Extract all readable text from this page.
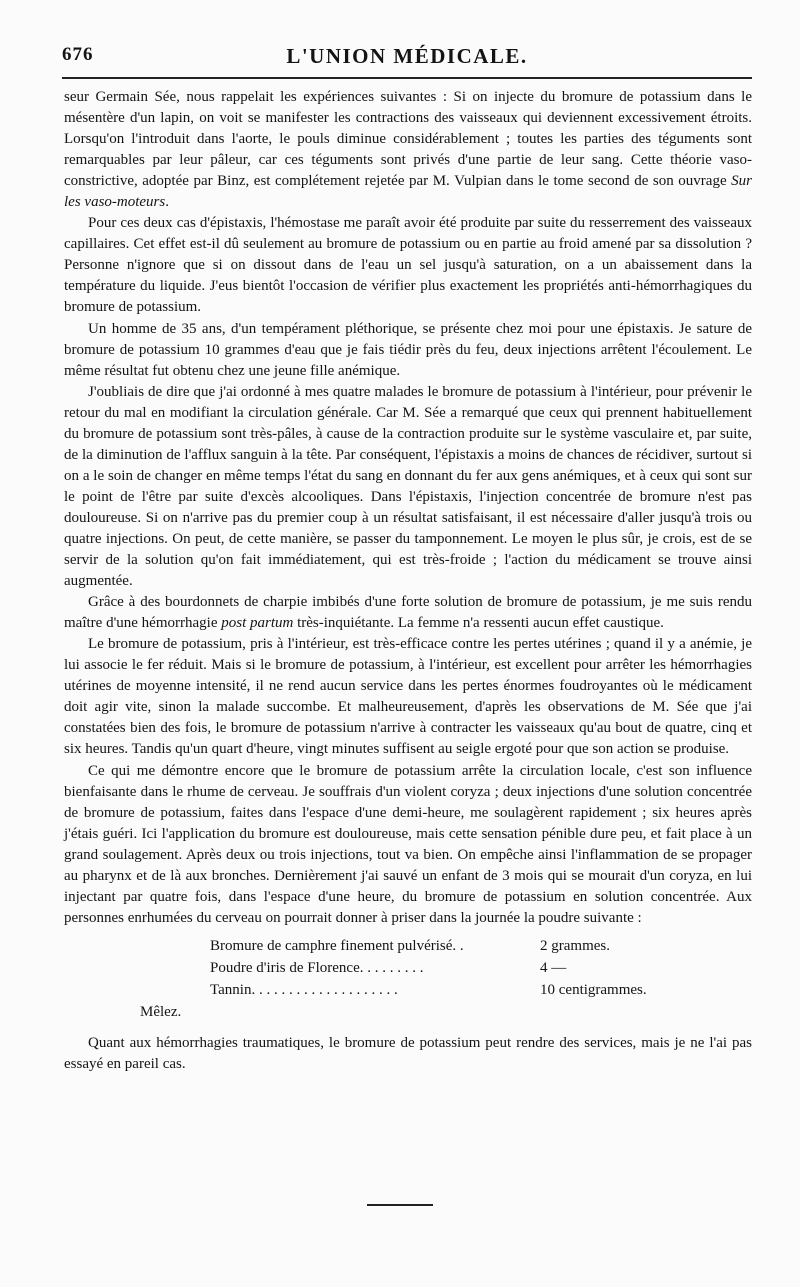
676	L'UNION MÉDICALE.

seur Germain Sée, nous rappelait les expériences suivantes : Si on injecte du bromure de potassium dans le mésentère d'un lapin, on voit se manifester les contractions des vaisseaux qui deviennent excessivement étroits. Lorsqu'on l'introduit dans l'aorte, le pouls diminue considérablement ; toutes les parties des téguments sont remarquables par leur pâleur, car ces téguments sont privés d'une partie de leur sang. Cette théorie vaso-constrictive, adoptée par Binz, est complétement rejetée par M. Vulpian dans le tome second de son ouvrage Sur les vaso-moteurs.

Pour ces deux cas d'épistaxis, l'hémostase me paraît avoir été produite par suite du resserrement des vaisseaux capillaires. Cet effet est-il dû seulement au bromure de potassium ou en partie au froid amené par sa dissolution ? Personne n'ignore que si on dissout dans de l'eau un sel jusqu'à saturation, on a un abaissement dans la température du liquide. J'eus bientôt l'occasion de vérifier plus exactement les propriétés anti-hémorrhagiques du bromure de potassium.

Un homme de 35 ans, d'un tempérament pléthorique, se présente chez moi pour une épistaxis. Je sature de bromure de potassium 10 grammes d'eau que je fais tiédir près du feu, deux injections arrêtent l'écoulement. Le même résultat fut obtenu chez une jeune fille anémique.

J'oubliais de dire que j'ai ordonné à mes quatre malades le bromure de potassium à l'intérieur, pour prévenir le retour du mal en modifiant la circulation générale. Car M. Sée a remarqué que ceux qui prennent habituellement du bromure de potassium sont très-pâles, à cause de la contraction produite sur le système vasculaire et, par suite, de la diminution de l'afflux sanguin à la tête. Par conséquent, l'épistaxis a moins de chances de récidiver, surtout si on a le soin de changer en même temps l'état du sang en donnant du fer aux gens anémiques, et à ceux qui sont sur le point de l'être par suite d'excès alcooliques. Dans l'épistaxis, l'injection concentrée de bromure n'est pas douloureuse. Si on n'arrive pas du premier coup à un résultat satisfaisant, il est nécessaire d'aller jusqu'à trois ou quatre injections. On peut, de cette manière, se passer du tamponnement. Le moyen le plus sûr, je crois, est de se servir de la solution qu'on fait immédiatement, qui est très-froide ; l'action du médicament se trouve ainsi augmentée.

Grâce à des bourdonnets de charpie imbibés d'une forte solution de bromure de potassium, je me suis rendu maître d'une hémorrhagie post partum très-inquiétante. La femme n'a ressenti aucun effet caustique.

Le bromure de potassium, pris à l'intérieur, est très-efficace contre les pertes utérines ; quand il y a anémie, je lui associe le fer réduit. Mais si le bromure de potassium, à l'intérieur, est excellent pour arrêter les hémorrhagies utérines de moyenne intensité, il ne rend aucun service dans les pertes énormes foudroyantes où le médicament doit agir vite, sinon la malade succombe. Et malheureusement, d'après les observations de M. Sée que j'ai constatées bien des fois, le bromure de potassium n'arrive à contracter les vaisseaux qu'au bout de quatre, cinq et six heures. Tandis qu'un quart d'heure, vingt minutes suffisent au seigle ergoté pour que son action se produise.

Ce qui me démontre encore que le bromure de potassium arrête la circulation locale, c'est son influence bienfaisante dans le rhume de cerveau. Je souffrais d'un violent coryza ; deux injections d'une solution concentrée de bromure de potassium, faites dans l'espace d'une demi-heure, me soulagèrent rapidement ; six heures après j'étais guéri. Ici l'application du bromure est douloureuse, mais cette sensation pénible dure peu, et fait place à un grand soulagement. Après deux ou trois injections, tout va bien. On empêche ainsi l'inflammation de se propager au pharynx et de là aux bronches. Dernièrement j'ai sauvé un enfant de 3 mois qui se mourait d'un coryza, en lui injectant par quatre fois, dans l'espace d'une heure, du bromure de potassium en solution concentrée. Aux personnes enrhumées du cerveau on pourrait donner à priser dans la journée la poudre suivante :

Bromure de camphre finement pulvérisé. .	2 grammes.
Poudre d'iris de Florence. . . . . . . . .	4 —
Tannin. . . . . . . . . . . . . . . . . . . .	10 centigrammes.

Mêlez.

Quant aux hémorrhagies traumatiques, le bromure de potassium peut rendre des services, mais je ne l'ai pas essayé en pareil cas.
